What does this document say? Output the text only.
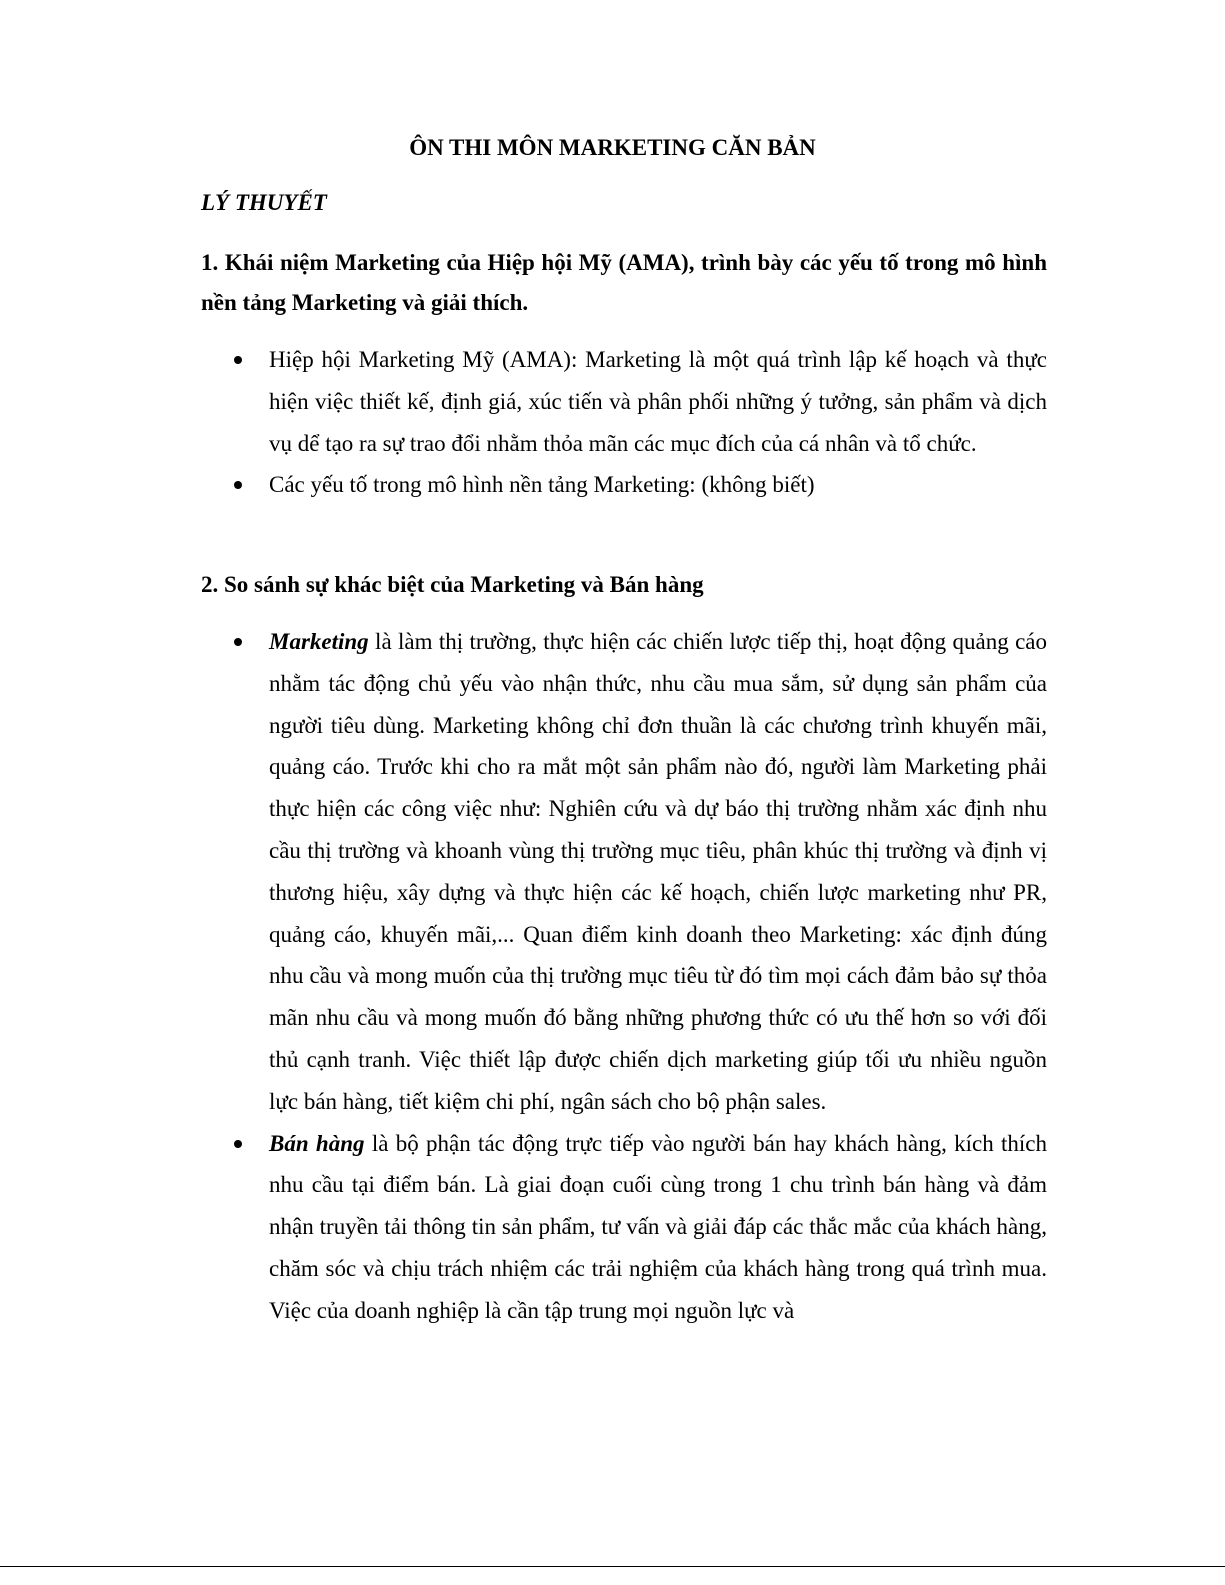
ÔN THI MÔN MARKETING CĂN BẢN
LÝ THUYẾT
1. Khái niệm Marketing của Hiệp hội Mỹ (AMA), trình bày các yếu tố trong mô hình nền tảng Marketing và giải thích.
Hiệp hội Marketing Mỹ (AMA): Marketing là một quá trình lập kế hoạch và thực hiện việc thiết kế, định giá, xúc tiến và phân phối những ý tưởng, sản phẩm và dịch vụ dể tạo ra sự trao đổi nhằm thỏa mãn các mục đích của cá nhân và tổ chức.
Các yếu tố trong mô hình nền tảng Marketing: (không biết)
2. So sánh sự khác biệt của Marketing và Bán hàng
Marketing là làm thị trường, thực hiện các chiến lược tiếp thị, hoạt động quảng cáo nhằm tác động chủ yếu vào nhận thức, nhu cầu mua sắm, sử dụng sản phẩm của người tiêu dùng. Marketing không chỉ đơn thuần là các chương trình khuyến mãi, quảng cáo. Trước khi cho ra mắt một sản phẩm nào đó, người làm Marketing phải thực hiện các công việc như: Nghiên cứu và dự báo thị trường nhằm xác định nhu cầu thị trường và khoanh vùng thị trường mục tiêu, phân khúc thị trường và định vị thương hiệu, xây dựng và thực hiện các kế hoạch, chiến lược marketing như PR, quảng cáo, khuyến mãi,... Quan điểm kinh doanh theo Marketing: xác định đúng nhu cầu và mong muốn của thị trường mục tiêu từ đó tìm mọi cách đảm bảo sự thỏa mãn nhu cầu và mong muốn đó bằng những phương thức có ưu thế hơn so với đối thủ cạnh tranh. Việc thiết lập được chiến dịch marketing giúp tối ưu nhiều nguồn lực bán hàng, tiết kiệm chi phí, ngân sách cho bộ phận sales.
Bán hàng là bộ phận tác động trực tiếp vào người bán hay khách hàng, kích thích nhu cầu tại điểm bán. Là giai đoạn cuối cùng trong 1 chu trình bán hàng và đảm nhận truyền tải thông tin sản phẩm, tư vấn và giải đáp các thắc mắc của khách hàng, chăm sóc và chịu trách nhiệm các trải nghiệm của khách hàng trong quá trình mua. Việc của doanh nghiệp là cần tập trung mọi nguồn lực và
